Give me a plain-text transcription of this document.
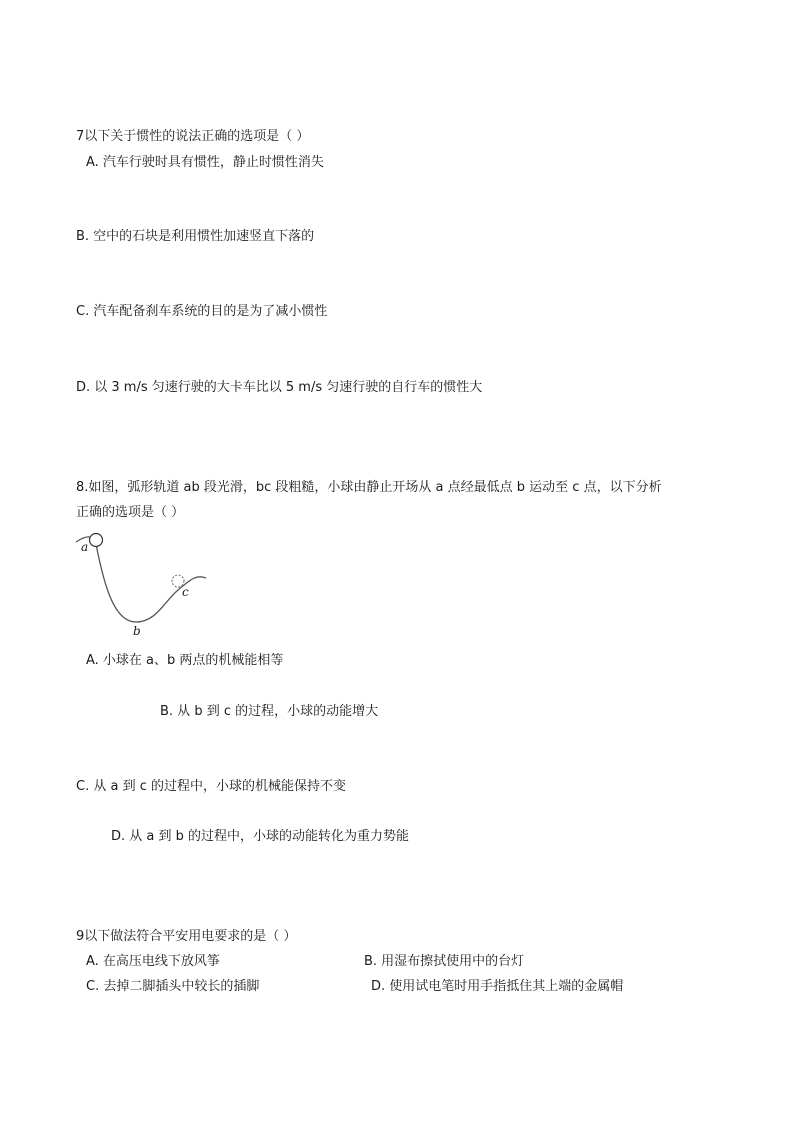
7以下关于惯性的说法正确的选项是（ ）
A. 汽车行驶时具有惯性，静止时惯性消失
B. 空中的石块是利用惯性加速竖直下落的
C. 汽车配备刹车系统的目的是为了减小惯性
D. 以 3 m/s 匀速行驶的大卡车比以 5 m/s 匀速行驶的自行车的惯性大
8.如图，弧形轨道 ab 段光滑，bc 段粗糙，小球由静止开场从 a 点经最低点 b 运动至 c 点，以下分析
正确的选项是（ ）
a
b
c
A. 小球在 a、b 两点的机械能相等
B. 从 b 到 c 的过程，小球的动能增大
C. 从 a 到 c 的过程中，小球的机械能保持不变
D. 从 a 到 b 的过程中，小球的动能转化为重力势能
9以下做法符合平安用电要求的是（ ）
A. 在高压电线下放风筝	B. 用湿布擦拭使用中的台灯
C. 去掉二脚插头中较长的插脚	D. 使用试电笔时用手指抵住其上端的金属帽
